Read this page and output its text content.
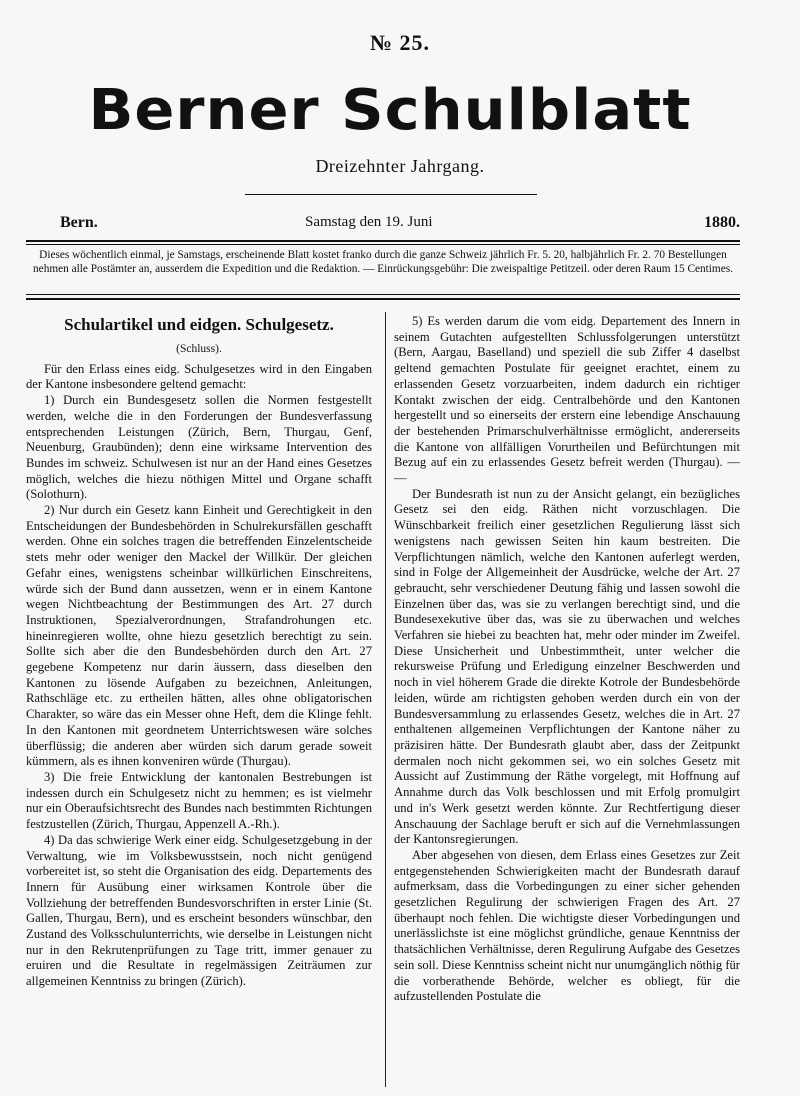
№ 25.
Berner Schulblatt
Dreizehnter Jahrgang.
Bern.	Samstag den 19. Juni	1880.
Dieses wöchentlich einmal, je Samstags, erscheinende Blatt kostet franko durch die ganze Schweiz jährlich Fr. 5. 20, halbjährlich Fr. 2. 70 Bestellungen nehmen alle Postämter an, ausserdem die Expedition und die Redaktion. — Einrückungsgebühr: Die zweispaltige Petitzeil. oder deren Raum 15 Centimes.
Schulartikel und eidgen. Schulgesetz.
(Schluss).

Für den Erlass eines eidg. Schulgesetzes wird in den Eingaben der Kantone insbesondere geltend gemacht:

1) Durch ein Bundesgesetz sollen die Normen festgestellt werden, welche die in den Forderungen der Bundesverfassung entsprechenden Leistungen (Zürich, Bern, Thurgau, Genf, Neuenburg, Graubünden); denn eine wirksame Intervention des Bundes im schweiz. Schulwesen ist nur an der Hand eines Gesetzes möglich, welches die hiezu nöthigen Mittel und Organe schafft (Solothurn).

2) Nur durch ein Gesetz kann Einheit und Gerechtigkeit in den Entscheidungen der Bundesbehörden in Schulrekursfällen geschafft werden. Ohne ein solches tragen die betreffenden Einzelentscheide stets mehr oder weniger den Mackel der Willkür. Der gleichen Gefahr eines, wenigstens scheinbar willkürlichen Einschreitens, würde sich der Bund dann aussetzen, wenn er in einem Kantone wegen Nichtbeachtung der Bestimmungen des Art. 27 durch Instruktionen, Spezialverordnungen, Strafandrohungen etc. hineinregieren wollte, ohne hiezu gesetzlich berechtigt zu sein. Sollte sich aber die den Bundesbehörden durch den Art. 27 gegebene Kompetenz nur darin äussern, dass dieselben den Kantonen zu lösende Aufgaben zu bezeichnen, Anleitungen, Rathschläge etc. zu ertheilen hätten, alles ohne obligatorischen Charakter, so wäre das ein Messer ohne Heft, dem die Klinge fehlt. In den Kantonen mit geordnetem Unterrichtswesen wäre solches überflüssig; die anderen aber würden sich darum gerade soweit kümmern, als es ihnen konveniren würde (Thurgau).

3) Die freie Entwicklung der kantonalen Bestrebungen ist indessen durch ein Schulgesetz nicht zu hemmen; es ist vielmehr nur ein Oberaufsichtsrecht des Bundes nach bestimmten Richtungen festzustellen (Zürich, Thurgau, Appenzell A.-Rh.).

4) Da das schwierige Werk einer eidg. Schulgesetzgebung in der Verwaltung, wie im Volksbewusstsein, noch nicht genügend vorbereitet ist, so steht die Organisation des eidg. Departements des Innern für Ausübung einer wirksamen Kontrole über die Vollziehung der betreffenden Bundesvorschriften in erster Linie (St. Gallen, Thurgau, Bern), und es erscheint besonders wünschbar, den Zustand des Volksschulunterrichts, wie derselbe in Leistungen nicht nur in den Rekrutenprüfungen zu Tage tritt, immer genauer zu eruiren und die Resultate in regelmässigen Zeiträumen zur allgemeinen Kenntniss zu bringen (Zürich).

5) Es werden darum die vom eidg. Departement des Innern in seinem Gutachten aufgestellten Schlussfolgerungen unterstützt (Bern, Aargau, Baselland) und speziell die sub Ziffer 4 daselbst geltend gemachten Postulate für geeignet erachtet, einem zu erlassenden Gesetz vorzuarbeiten, indem dadurch ein richtiger Kontakt zwischen der eidg. Centralbehörde und den Kantonen hergestellt und so einerseits der erstern eine lebendige Anschauung der bestehenden Primarschulverhältnisse ermöglicht, andererseits die Kantone von allfälligen Vorurtheilen und Befürchtungen mit Bezug auf ein zu erlassendes Gesetz befreit werden (Thurgau). — —

Der Bundesrath ist nun zu der Ansicht gelangt, ein bezügliches Gesetz sei den eidg. Räthen nicht vorzuschlagen. Die Wünschbarkeit freilich einer gesetzlichen Regulierung lässt sich wenigstens nach gewissen Seiten hin kaum bestreiten. Die Verpflichtungen nämlich, welche den Kantonen auferlegt werden, sind in Folge der Allgemeinheit der Ausdrücke, welche der Art. 27 gebraucht, sehr verschiedener Deutung fähig und lassen sowohl die Einzelnen über das, was sie zu verlangen berechtigt sind, und die Bundesexekutive über das, was sie zu überwachen und welches Verfahren sie hiebei zu beachten hat, mehr oder minder im Zweifel. Diese Unsicherheit und Unbestimmtheit, unter welcher die rekursweise Prüfung und Erledigung einzelner Beschwerden und noch in viel höherem Grade die direkte Kotrole der Bundesbehörde leiden, würde am richtigsten gehoben werden durch ein von der Bundesversammlung zu erlassendes Gesetz, welches die in Art. 27 enthaltenen allgemeinen Verpflichtungen der Kantone näher zu präzisiren hätte. Der Bundesrath glaubt aber, dass der Zeitpunkt dermalen noch nicht gekommen sei, wo ein solches Gesetz mit Aussicht auf Zustimmung der Räthe vorgelegt, mit Hoffnung auf Annahme durch das Volk beschlossen und mit Erfolg promulgirt und in's Werk gesetzt werden könnte. Zur Rechtfertigung dieser Anschauung der Sachlage beruft er sich auf die Vernehmlassungen der Kantonsregierungen.

Aber abgesehen von diesen, dem Erlass eines Gesetzes zur Zeit entgegenstehenden Schwierigkeiten macht der Bundesrath darauf aufmerksam, dass die Vorbedingungen zu einer sicher gehenden gesetzlichen Regulirung der schwierigen Fragen des Art. 27 überhaupt noch fehlen. Die wichtigste dieser Vorbedingungen und unerlässlichste ist eine möglichst gründliche, genaue Kenntniss der thatsächlichen Verhältnisse, deren Regulirung Aufgabe des Gesetzes sein soll. Diese Kenntniss scheint nicht nur unumgänglich nöthig für die vorberathende Behörde, welcher es obliegt, für die aufzustellenden Postulate die
